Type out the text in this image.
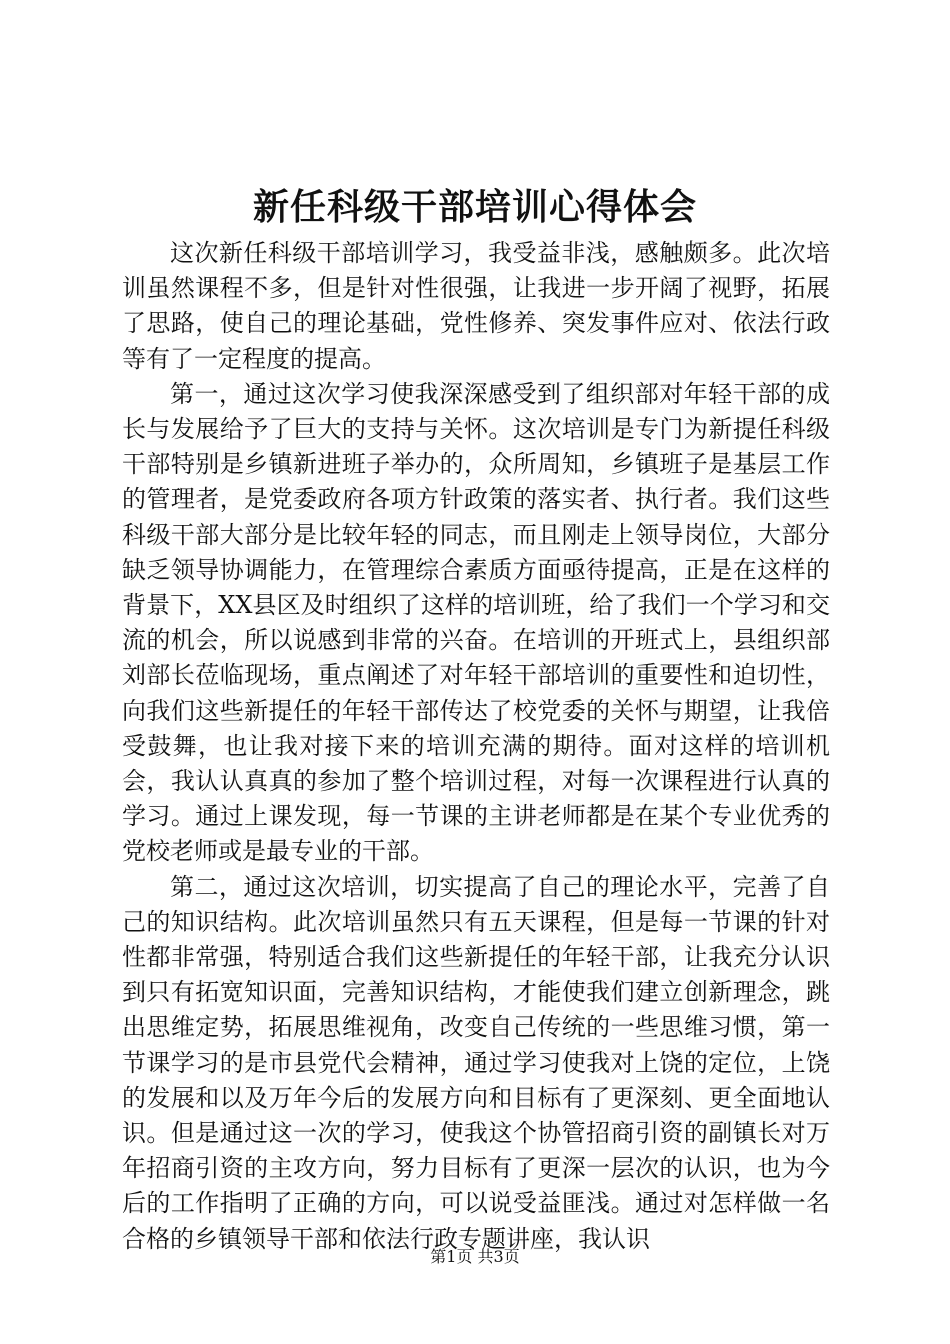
新任科级干部培训心得体会

这次新任科级干部培训学习，我受益非浅，感触颇多。此次培训虽然课程不多，但是针对性很强，让我进一步开阔了视野，拓展了思路，使自己的理论基础，党性修养、突发事件应对、依法行政等有了一定程度的提高。

第一，通过这次学习使我深深感受到了组织部对年轻干部的成长与发展给予了巨大的支持与关怀。这次培训是专门为新提任科级干部特别是乡镇新进班子举办的，众所周知，乡镇班子是基层工作的管理者，是党委政府各项方针政策的落实者、执行者。我们这些科级干部大部分是比较年轻的同志，而且刚走上领导岗位，大部分缺乏领导协调能力，在管理综合素质方面亟待提高，正是在这样的背景下，XX县区及时组织了这样的培训班，给了我们一个学习和交流的机会，所以说感到非常的兴奋。在培训的开班式上，县组织部刘部长莅临现场，重点阐述了对年轻干部培训的重要性和迫切性，向我们这些新提任的年轻干部传达了校党委的关怀与期望，让我倍受鼓舞，也让我对接下来的培训充满的期待。面对这样的培训机会，我认认真真的参加了整个培训过程，对每一次课程进行认真的学习。通过上课发现，每一节课的主讲老师都是在某个专业优秀的党校老师或是最专业的干部。

第二，通过这次培训，切实提高了自己的理论水平，完善了自己的知识结构。此次培训虽然只有五天课程，但是每一节课的针对性都非常强，特别适合我们这些新提任的年轻干部，让我充分认识到只有拓宽知识面，完善知识结构，才能使我们建立创新理念，跳出思维定势，拓展思维视角，改变自己传统的一些思维习惯，第一节课学习的是市县党代会精神，通过学习使我对上饶的定位，上饶的发展和以及万年今后的发展方向和目标有了更深刻、更全面地认识。但是通过这一次的学习，使我这个协管招商引资的副镇长对万年招商引资的主攻方向，努力目标有了更深一层次的认识，也为今后的工作指明了正确的方向，可以说受益匪浅。通过对怎样做一名合格的乡镇领导干部和依法行政专题讲座，我认识

第1页 共3页
